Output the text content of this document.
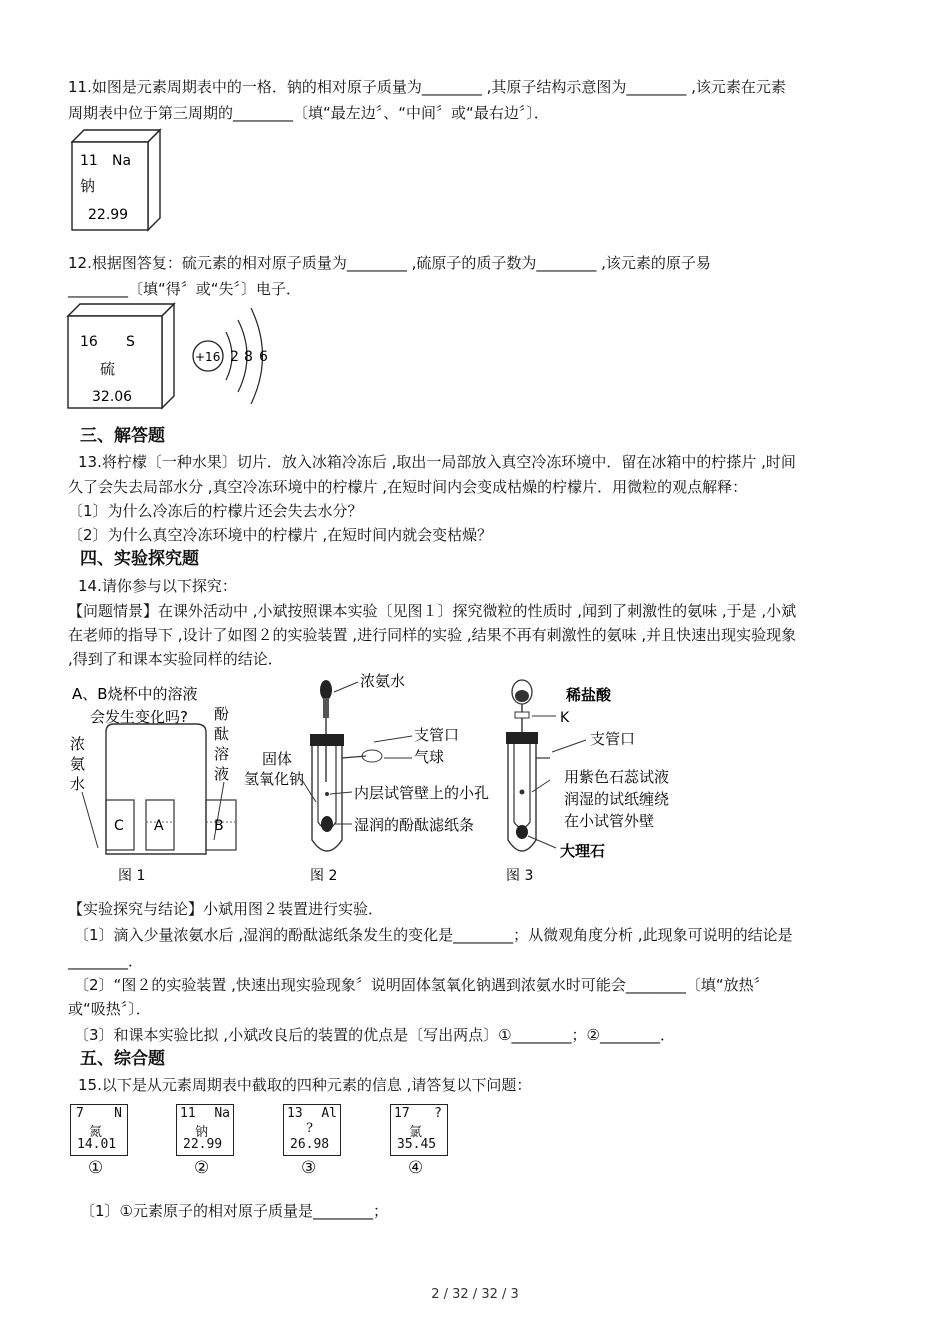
11.如图是元素周期表中的一格．钠的相对原子质量为________ ,其原子结构示意图为________ ,该元素在元素
周期表中位于第三周期的________〔填“最左边〞、“中间〞或“最右边〞〕．
11 Na
钠
22.99
12.根据图答复：硫元素的相对原子质量为________ ,硫原子的质子数为________ ,该元素的原子易
________〔填“得〞或“失〞〕电子．
16 S
硫
32.06
+16 2 8 6
三、解答题
13.将柠檬〔一种水果〕切片．放入冰箱冷冻后 ,取出一局部放入真空冷冻环境中．留在冰箱中的柠搽片 ,时间
久了会失去局部水分 ,真空冷冻环境中的柠檬片 ,在短时间内会变成枯燥的柠檬片．用微粒的观点解释：
〔1〕为什么冷冻后的柠檬片还会失去水分？
〔2〕为什么真空冷冻环境中的柠檬片 ,在短时间内就会变枯燥？
四、实验探究题
14.请你参与以下探究：
【问题情景】在课外活动中 ,小斌按照课本实验〔见图１〕探究微粒的性质时 ,闻到了刺激性的氨味 ,于是 ,小斌
在老师的指导下 ,设计了如图２的实验装置 ,进行同样的实验 ,结果不再有刺激性的氨味 ,并且快速出现实验现象
,得到了和课本实验同样的结论．
A、B烧杯中的溶液
会发生变化吗?
浓
氨
水
酚
酞
溶
液
C A	B
图 1
浓氨水
支管口
气球
固体
氢氧化钠
内层试管壁上的小孔
湿润的酚酞滤纸条
图 2
稀盐酸
K
支管口
用紫色石蕊试液
润湿的试纸缠绕
在小试管外壁
大理石
图 3
【实验探究与结论】小斌用图２装置进行实验．
〔1〕滴入少量浓氨水后 ,湿润的酚酞滤纸条发生的变化是________；从微观角度分析 ,此现象可说明的结论是
________．
〔2〕“图２的实验装置 ,快速出现实验现象〞说明固体氢氧化钠遇到浓氨水时可能会________〔填“放热〞
或“吸热〞〕．
〔3〕和课本实验比拟 ,小斌改良后的装置的优点是〔写出两点〕①________；②________．
五、综合题
15.以下是从元素周期表中截取的四种元素的信息 ,请答复以下问题：
7 N
氮
14.01
11 Na
钠
22.99
13 Al
?
26.98
17 ?
氯
35.45
①	②	③	④
〔1〕①元素原子的相对原子质量是________；
2 / 32 / 32 / 3
